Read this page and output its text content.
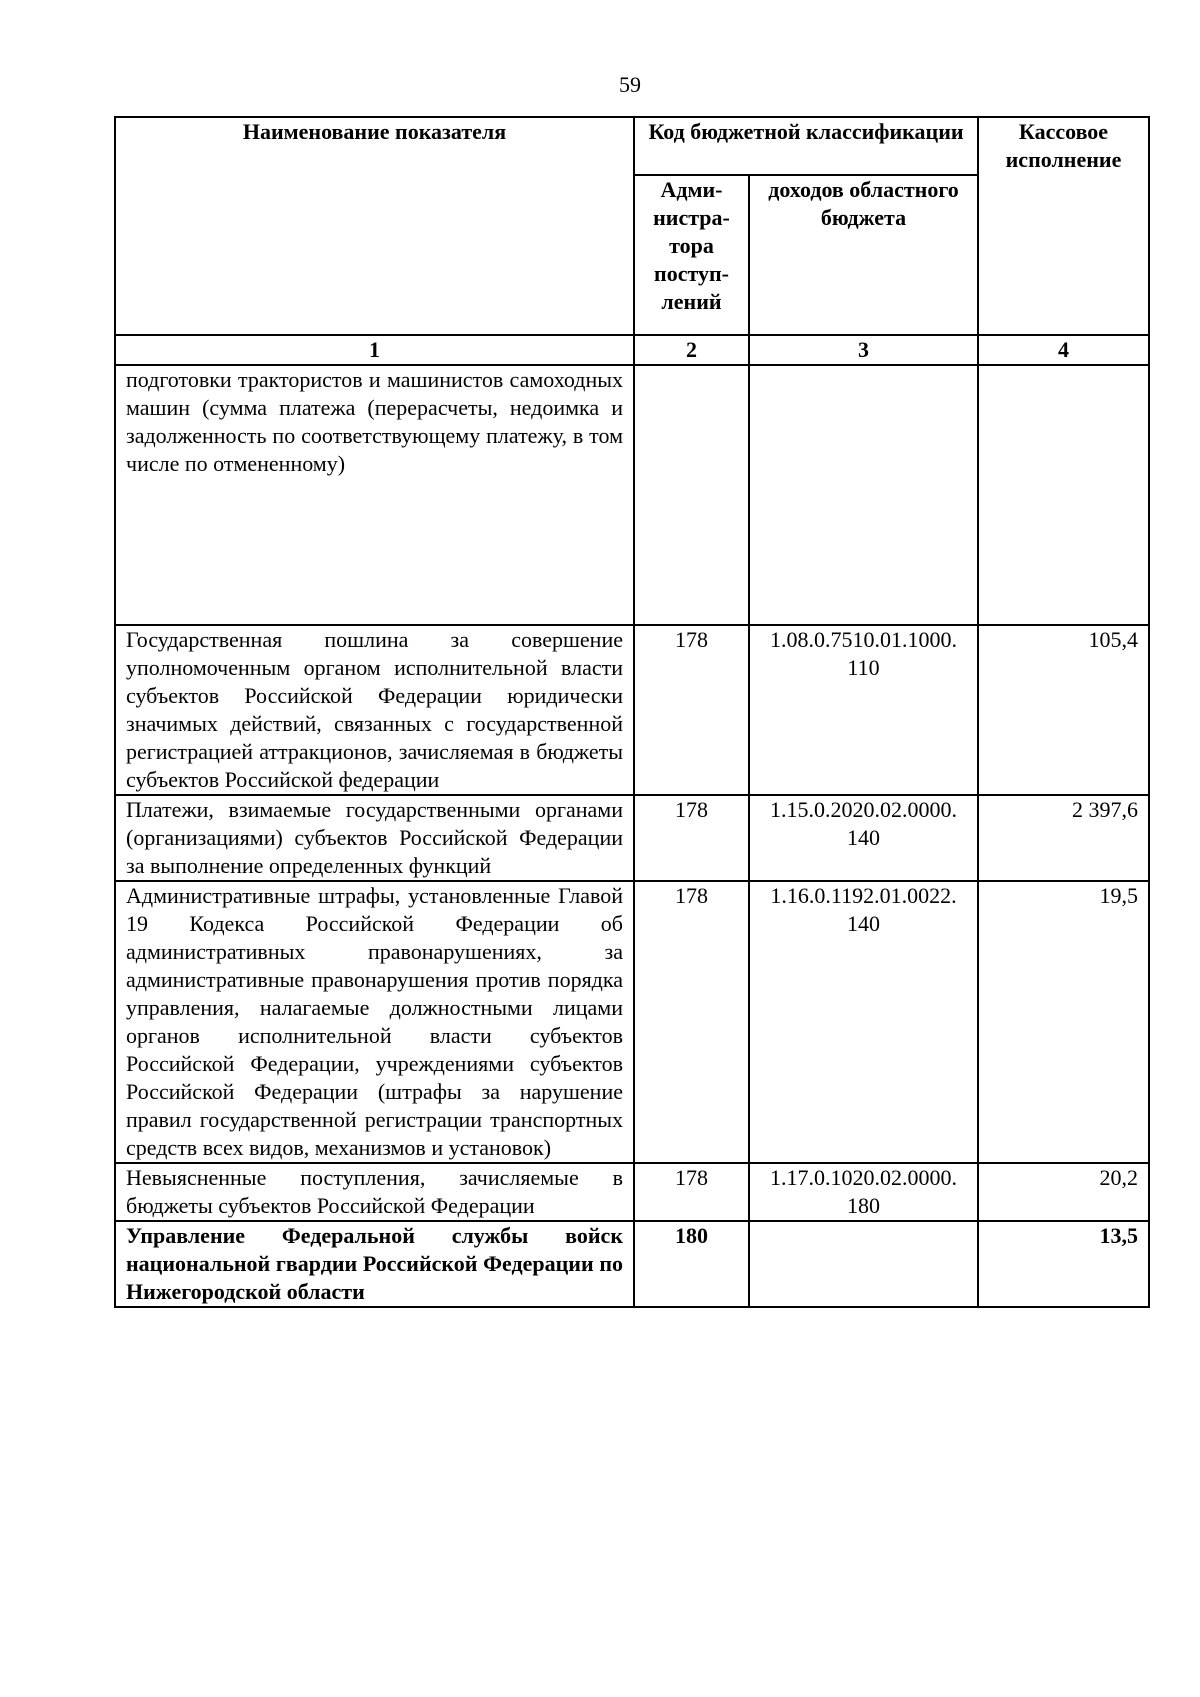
59
Наименование показателя	Код бюджетной классификации		Кассовое исполнение
	Адми-нистра-тора поступ-лений	доходов областного бюджета	
1	2	3	4
подготовки трактористов и машинистов самоходных машин (сумма платежа (перерасчеты, недоимка и задолженность по соответствующему платежу, в том числе по отмененному)			
Государственная пошлина за совершение уполномоченным органом исполнительной власти субъектов Российской Федерации юридически значимых действий, связанных с государственной регистрацией аттракционов, зачисляемая в бюджеты субъектов Российской федерации	178	1.08.0.7510.01.1000. 110	105,4
Платежи, взимаемые государственными органами (организациями) субъектов Российской Федерации за выполнение определенных функций	178	1.15.0.2020.02.0000. 140	2 397,6
Административные штрафы, установленные Главой 19 Кодекса Российской Федерации об административных правонарушениях, за административные правонарушения против порядка управления, налагаемые должностными лицами органов исполнительной власти субъектов Российской Федерации, учреждениями субъектов Российской Федерации (штрафы за нарушение правил государственной регистрации транспортных средств всех видов, механизмов и установок)	178	1.16.0.1192.01.0022. 140	19,5
Невыясненные поступления, зачисляемые в бюджеты субъектов Российской Федерации	178	1.17.0.1020.02.0000. 180	20,2
Управление Федеральной службы войск национальной гвардии Российской Федерации по Нижегородской области	180		13,5
